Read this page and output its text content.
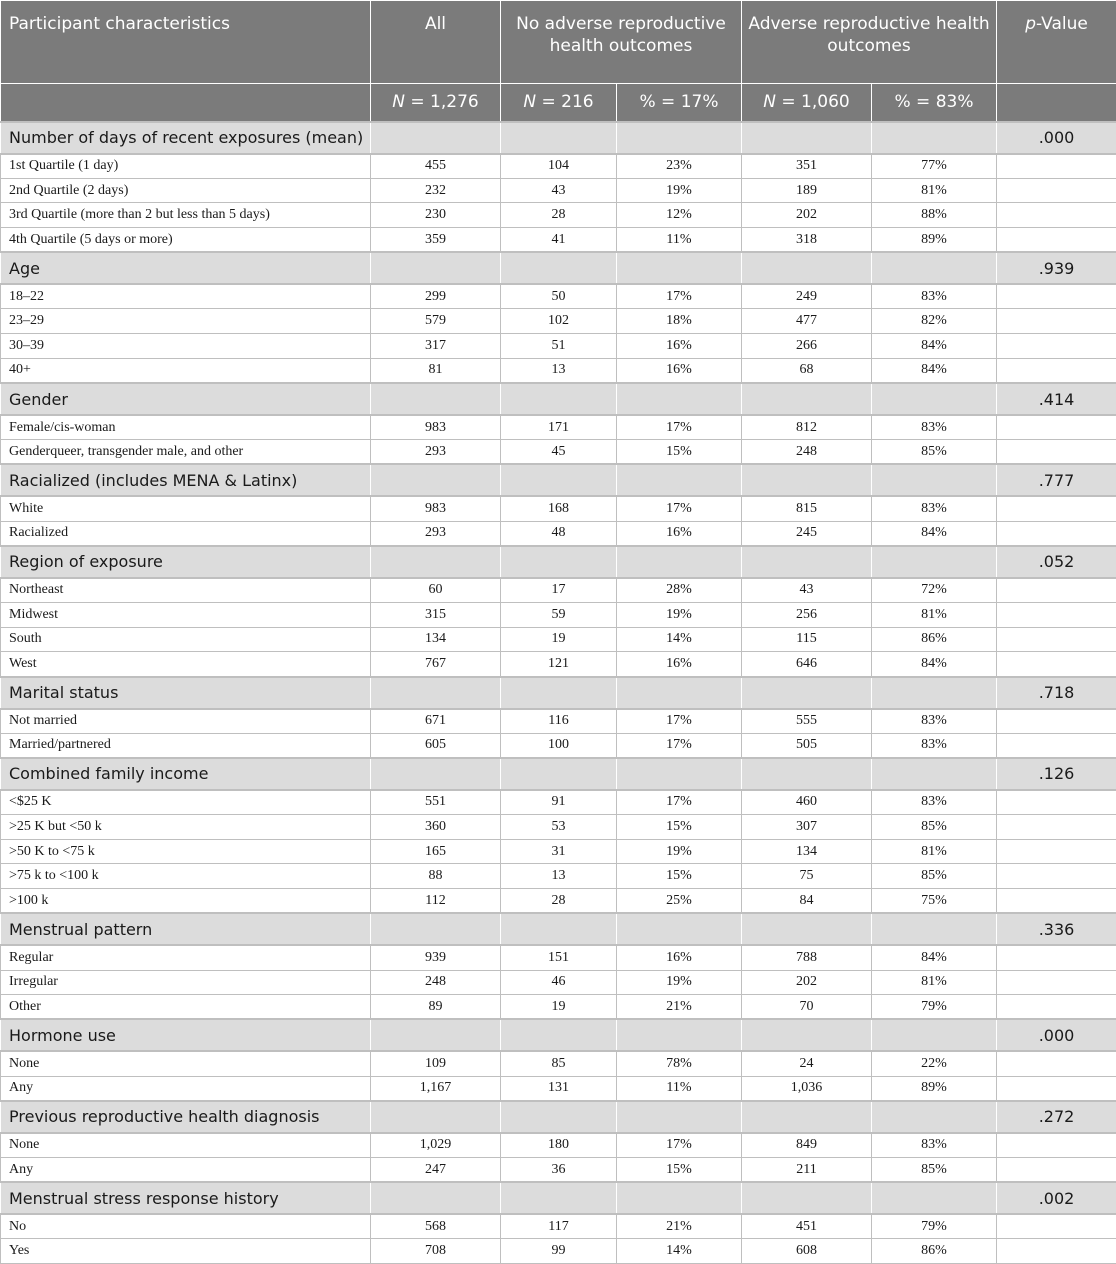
Participant characteristics	All	No adverse reproductive health outcomes		Adverse reproductive health outcomes		p-Value
	N = 1,276	N = 216	% = 17%	N = 1,060	% = 83%	
Number of days of recent exposures (mean)						.000
1st Quartile (1 day)	455	104	23%	351	77%	
2nd Quartile (2 days)	232	43	19%	189	81%	
3rd Quartile (more than 2 but less than 5 days)	230	28	12%	202	88%	
4th Quartile (5 days or more)	359	41	11%	318	89%	
Age						.939
18–22	299	50	17%	249	83%	
23–29	579	102	18%	477	82%	
30–39	317	51	16%	266	84%	
40+	81	13	16%	68	84%	
Gender						.414
Female/cis-woman	983	171	17%	812	83%	
Genderqueer, transgender male, and other	293	45	15%	248	85%	
Racialized (includes MENA & Latinx)						.777
White	983	168	17%	815	83%	
Racialized	293	48	16%	245	84%	
Region of exposure						.052
Northeast	60	17	28%	43	72%	
Midwest	315	59	19%	256	81%	
South	134	19	14%	115	86%	
West	767	121	16%	646	84%	
Marital status						.718
Not married	671	116	17%	555	83%	
Married/partnered	605	100	17%	505	83%	
Combined family income						.126
<$25 K	551	91	17%	460	83%	
>25 K but <50 k	360	53	15%	307	85%	
>50 K to <75 k	165	31	19%	134	81%	
>75 k to <100 k	88	13	15%	75	85%	
>100 k	112	28	25%	84	75%	
Menstrual pattern						.336
Regular	939	151	16%	788	84%	
Irregular	248	46	19%	202	81%	
Other	89	19	21%	70	79%	
Hormone use						.000
None	109	85	78%	24	22%	
Any	1,167	131	11%	1,036	89%	
Previous reproductive health diagnosis						.272
None	1,029	180	17%	849	83%	
Any	247	36	15%	211	85%	
Menstrual stress response history						.002
No	568	117	21%	451	79%	
Yes	708	99	14%	608	86%	
